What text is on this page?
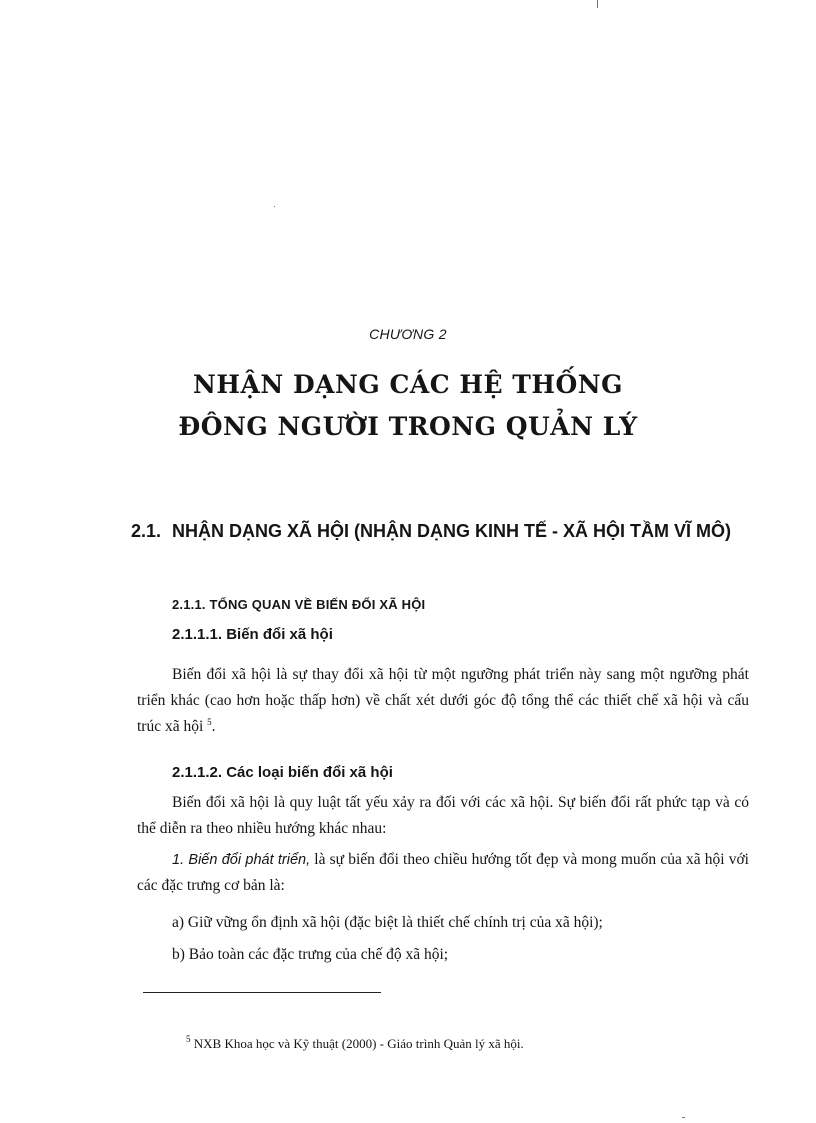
CHƯƠNG 2
NHẬN DẠNG CÁC HỆ THỐNG
ĐÔNG NGƯỜI TRONG QUẢN LÝ
2.1. NHẬN DẠNG XÃ HỘI (NHẬN DẠNG KINH TẾ - XÃ HỘI TẦM VĨ MÔ)
2.1.1. TỔNG QUAN VỀ BIẾN ĐỔI XÃ HỘI
2.1.1.1. Biến đổi xã hội
Biến đổi xã hội là sự thay đổi xã hội từ một ngưỡng phát triển này sang một ngưỡng phát triển khác (cao hơn hoặc thấp hơn) về chất xét dưới góc độ tổng thể các thiết chế xã hội và cấu trúc xã hội $^5$.
2.1.1.2. Các loại biến đổi xã hội
Biến đổi xã hội là quy luật tất yếu xảy ra đối với các xã hội. Sự biến đổi rất phức tạp và có thể diễn ra theo nhiều hướng khác nhau:
1. Biến đổi phát triển, là sự biến đổi theo chiều hướng tốt đẹp và mong muốn của xã hội với các đặc trưng cơ bản là:
a) Giữ vững ổn định xã hội (đặc biệt là thiết chế chính trị của xã hội);
b) Bảo toàn các đặc trưng của chế độ xã hội;
$^5$ NXB Khoa học và Kỹ thuật (2000) - Giáo trình Quản lý xã hội.
